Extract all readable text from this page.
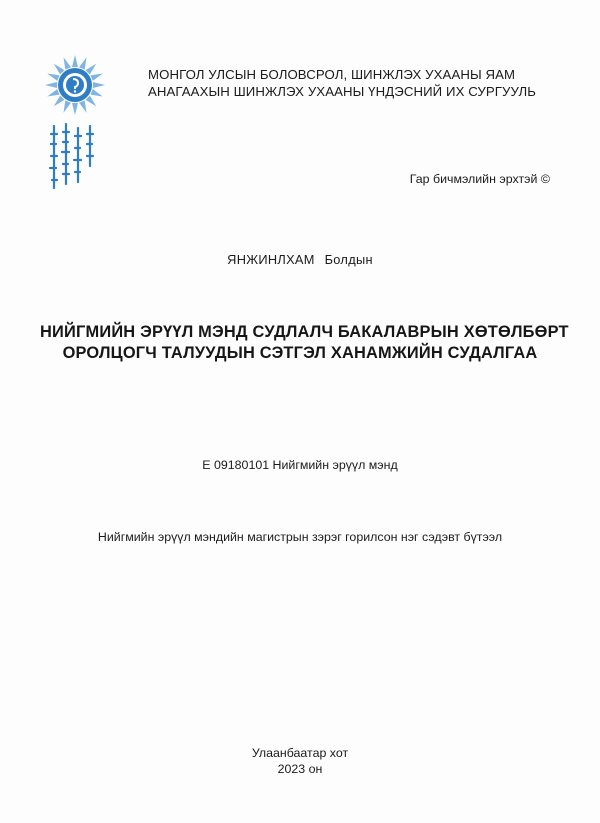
МОНГОЛ УЛСЫН БОЛОВСРОЛ, ШИНЖЛЭХ УХААНЫ ЯАМ
АНАГААХЫН ШИНЖЛЭХ УХААНЫ ҮНДЭСНИЙ ИХ СУРГУУЛЬ
Гар бичмэлийн эрхтэй ©
ЯНЖИНЛХАМ Болдын
НИЙГМИЙН ЭРҮҮЛ МЭНД СУДЛАЛЧ БАКАЛАВРЫН ХӨТӨЛБӨРТ
ОРОЛЦОГЧ ТАЛУУДЫН СЭТГЭЛ ХАНАМЖИЙН СУДАЛГАА
E 09180101 Нийгмийн эрүүл мэнд
Нийгмийн эрүүл мэндийн магистрын зэрэг горилсон нэг сэдэвт бүтээл
Улаанбаатар хот
2023 он
